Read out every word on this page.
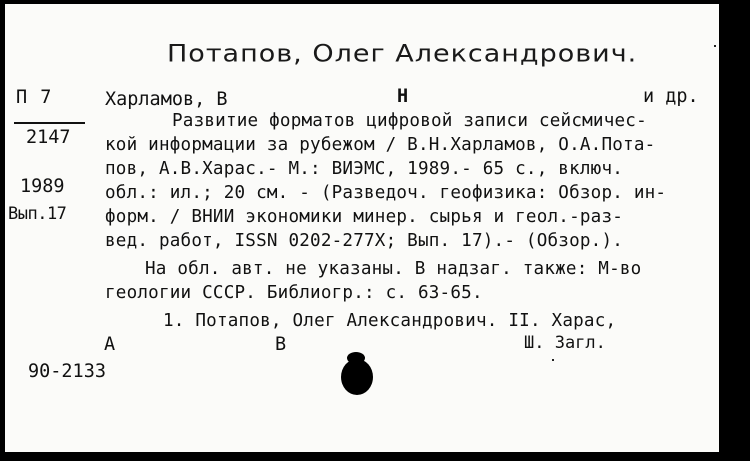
Потапов, Олег Александрович.
П 7
2147
1989
Вып.17
Харламов, В	Н	и др.
Развитие форматов цифровой записи сейсмичес-
кой информации за рубежом / В.Н.Харламов, О.А.Пота-
пов, А.В.Харас.- М.: ВИЭМС, 1989.- 65 с., включ.
обл.: ил.; 20 см. - (Разведоч. геофизика: Обзор. ин-
форм. / ВНИИ экономики минер. сырья и геол.-раз-
вед. работ, ISSN 0202-277X; Вып. 17).- (Обзор.).
На обл. авт. не указаны. В надзаг. также: М-во
геологии СССР. Библиогр.: с. 63-65.
1. Потапов, Олег Александрович. II. Харас,
А	В	Ш. Загл.
90-2133
